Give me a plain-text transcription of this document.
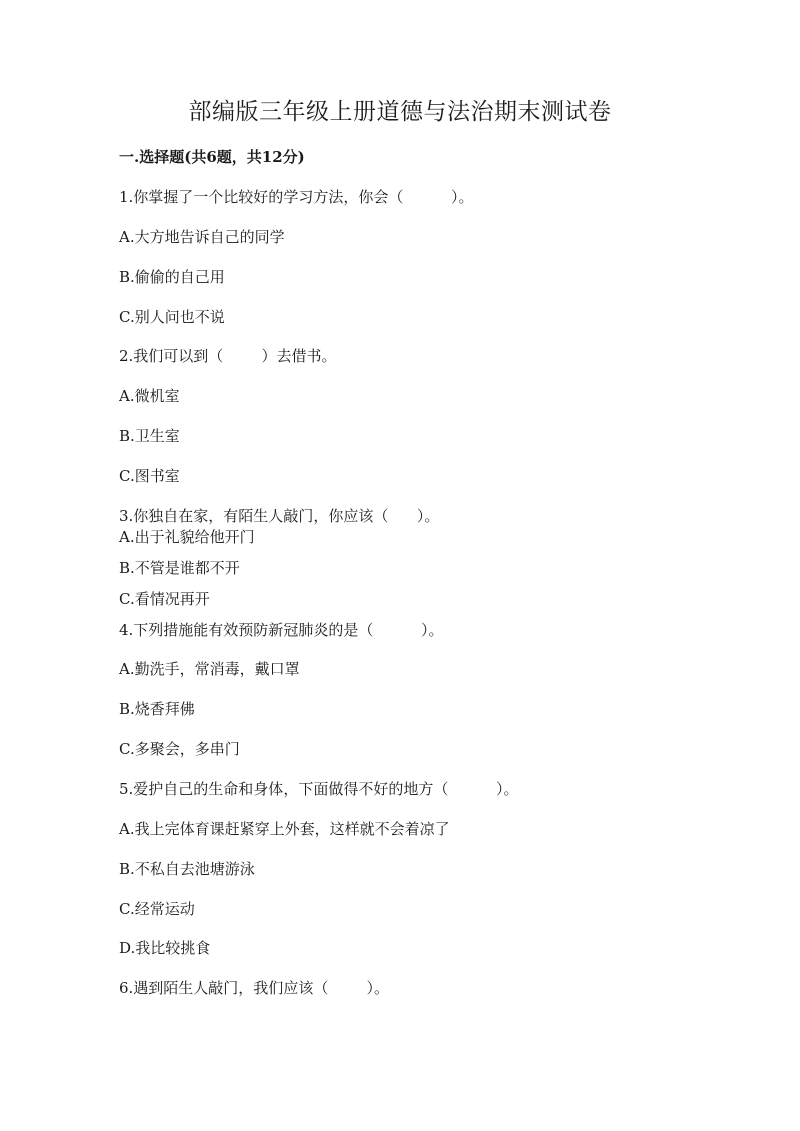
部编版三年级上册道德与法治期末测试卷
一.选择题(共6题，共12分)
1.你掌握了一个比较好的学习方法，你会（          ）。
A.大方地告诉自己的同学
B.偷偷的自己用
C.别人问也不说
2.我们可以到（        ）去借书。
A.微机室
B.卫生室
C.图书室
3.你独自在家，有陌生人敲门，你应该（      ）。
A.出于礼貌给他开门
B.不管是谁都不开
C.看情况再开
4.下列措施能有效预防新冠肺炎的是（          ）。
A.勤洗手，常消毒，戴口罩
B.烧香拜佛
C.多聚会，多串门
5.爱护自己的生命和身体，下面做得不好的地方（          ）。
A.我上完体育课赶紧穿上外套，这样就不会着凉了
B.不私自去池塘游泳
C.经常运动
D.我比较挑食
6.遇到陌生人敲门，我们应该（        ）。
